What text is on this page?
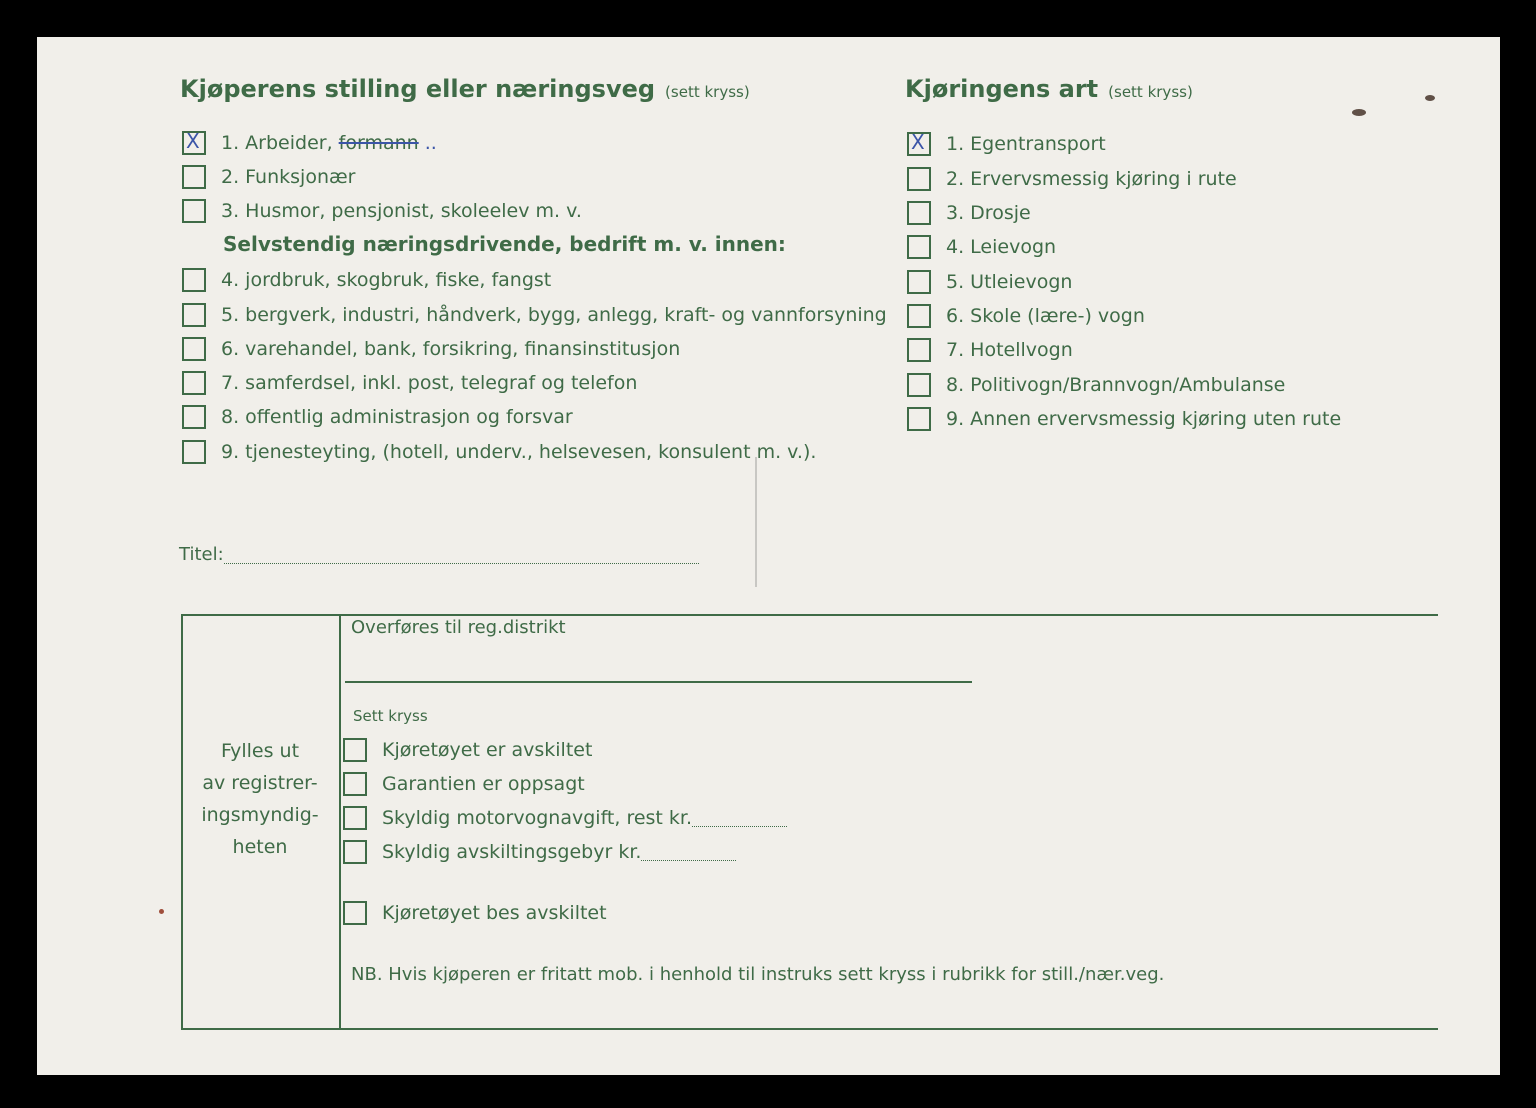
Kjøperens stilling eller næringsveg (sett kryss)
X 1. Arbeider,
formann ..
2. Funksjonær
3. Husmor, pensjonist, skoleelev m. v.
Selvstendig næringsdrivende, bedrift m. v. innen:
4. jordbruk, skogbruk, fiske, fangst
5. bergverk, industri, håndverk, bygg, anlegg, kraft- og vannforsyning
6. varehandel, bank, forsikring, finansinstitusjon
7. samferdsel, inkl. post, telegraf og telefon
8. offentlig administrasjon og forsvar
9. tjenesteyting, (hotell, underv., helsevesen, konsulent m. v.).
Kjøringens art (sett kryss)
X 1. Egentransport
2. Ervervsmessig kjøring i rute
3. Drosje
4. Leievogn
5. Utleievogn
6. Skole (lære-) vogn
7. Hotellvogn
8. Politivogn/Brannvogn/Ambulanse
9. Annen ervervsmessig kjøring uten rute
Titel:
Fylles ut
av registrer-
ingsmyndig-
heten
Overføres til reg.distrikt
Sett kryss
Kjøretøyet er avskiltet
Garantien er oppsagt
Skyldig motorvognavgift, rest kr.
Skyldig avskiltingsgebyr kr.
Kjøretøyet bes avskiltet
NB. Hvis kjøperen er fritatt mob. i henhold til instruks sett kryss i rubrikk for still./nær.veg.
